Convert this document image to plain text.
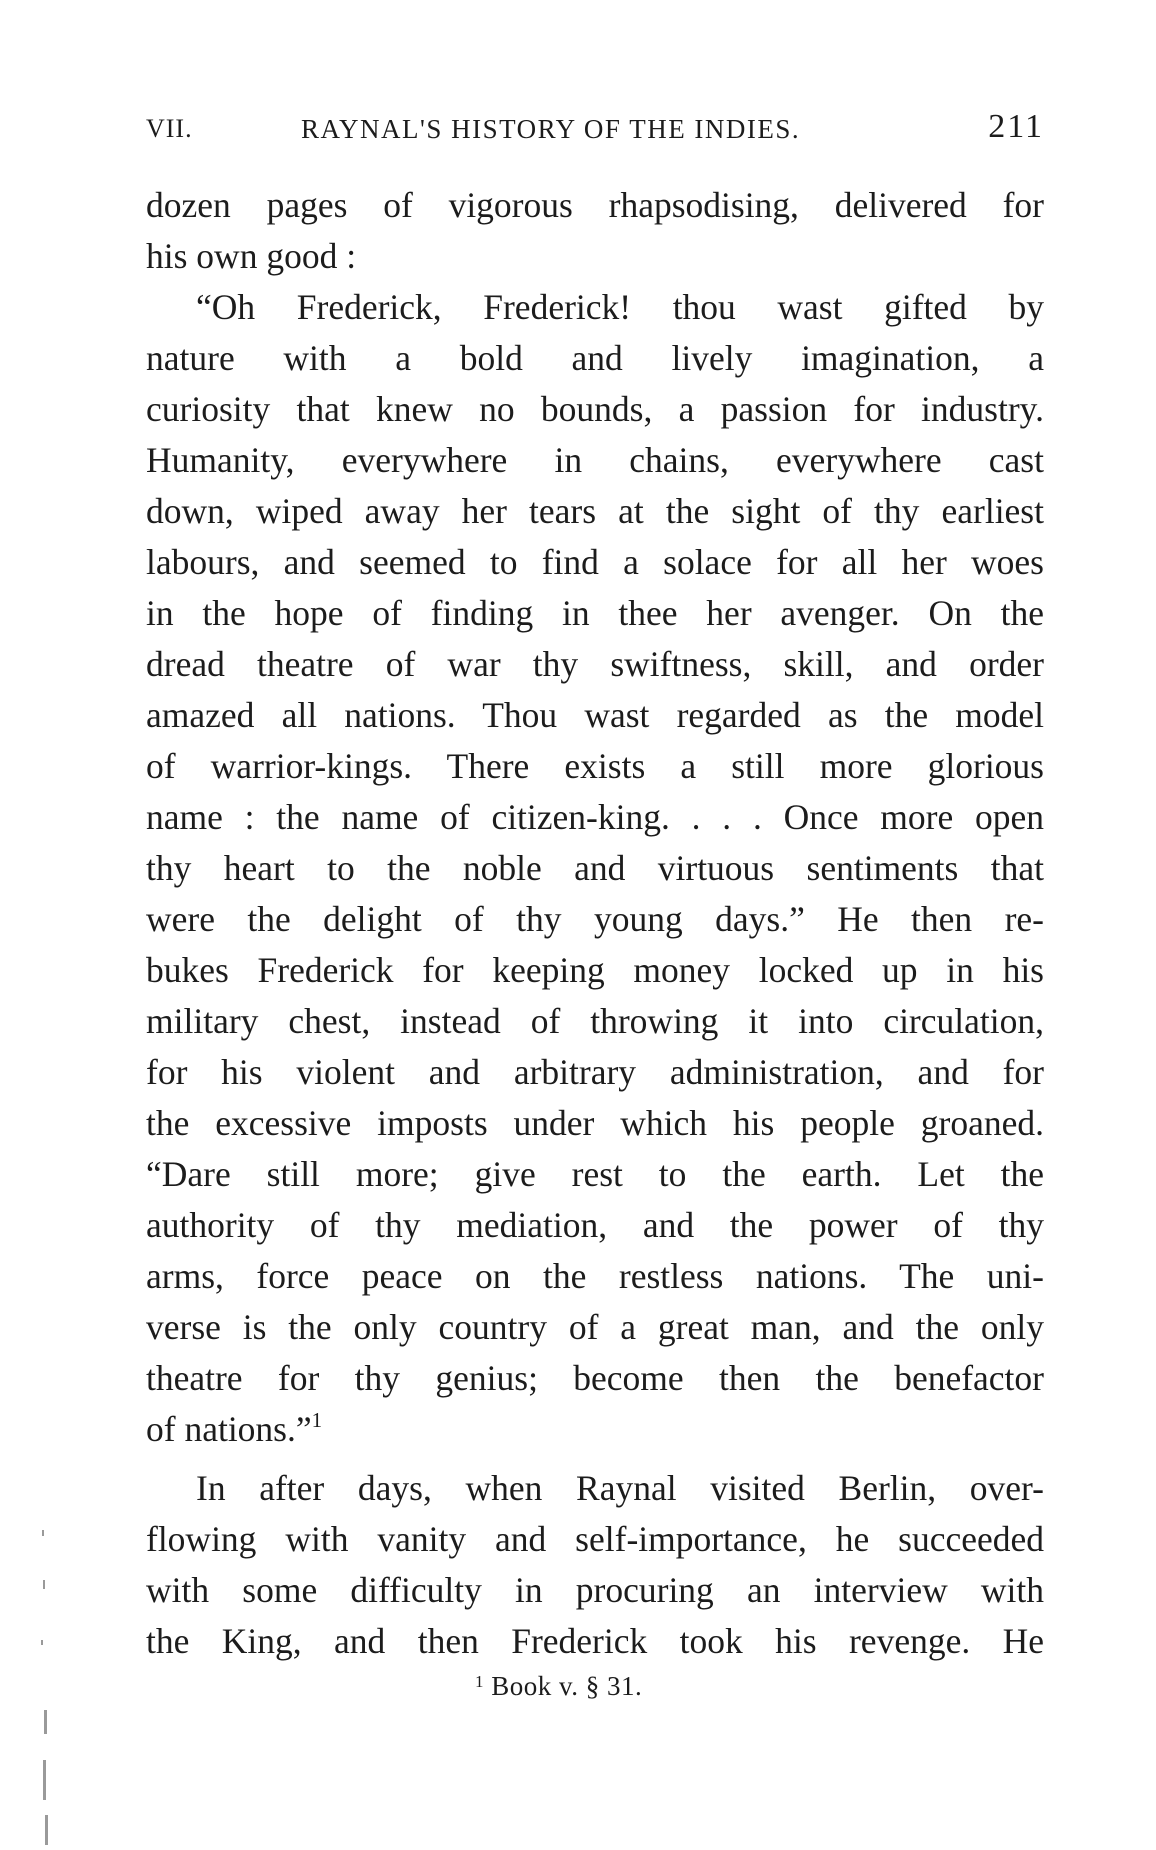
VII.	RAYNAL'S HISTORY OF THE INDIES.	211
dozen pages of vigorous rhapsodising, delivered for
his own good :
“Oh Frederick, Frederick! thou wast gifted by
nature with a bold and lively imagination, a
curiosity that knew no bounds, a passion for industry.
Humanity, everywhere in chains, everywhere cast
down, wiped away her tears at the sight of thy earliest
labours, and seemed to find a solace for all her woes
in the hope of finding in thee her avenger. On the
dread theatre of war thy swiftness, skill, and order
amazed all nations. Thou wast regarded as the model
of warrior-kings. There exists a still more glorious
name : the name of citizen-king. . . . Once more open
thy heart to the noble and virtuous sentiments that
were the delight of thy young days.” He then re-
bukes Frederick for keeping money locked up in his
military chest, instead of throwing it into circulation,
for his violent and arbitrary administration, and for
the excessive imposts under which his people groaned.
“Dare still more; give rest to the earth. Let the
authority of thy mediation, and the power of thy
arms, force peace on the restless nations. The uni-
verse is the only country of a great man, and the only
theatre for thy genius; become then the benefactor
of nations.”$^1$
In after days, when Raynal visited Berlin, over-
flowing with vanity and self-importance, he succeeded
with some difficulty in procuring an interview with
the King, and then Frederick took his revenge. He
$^1$ Book v. § 31.
